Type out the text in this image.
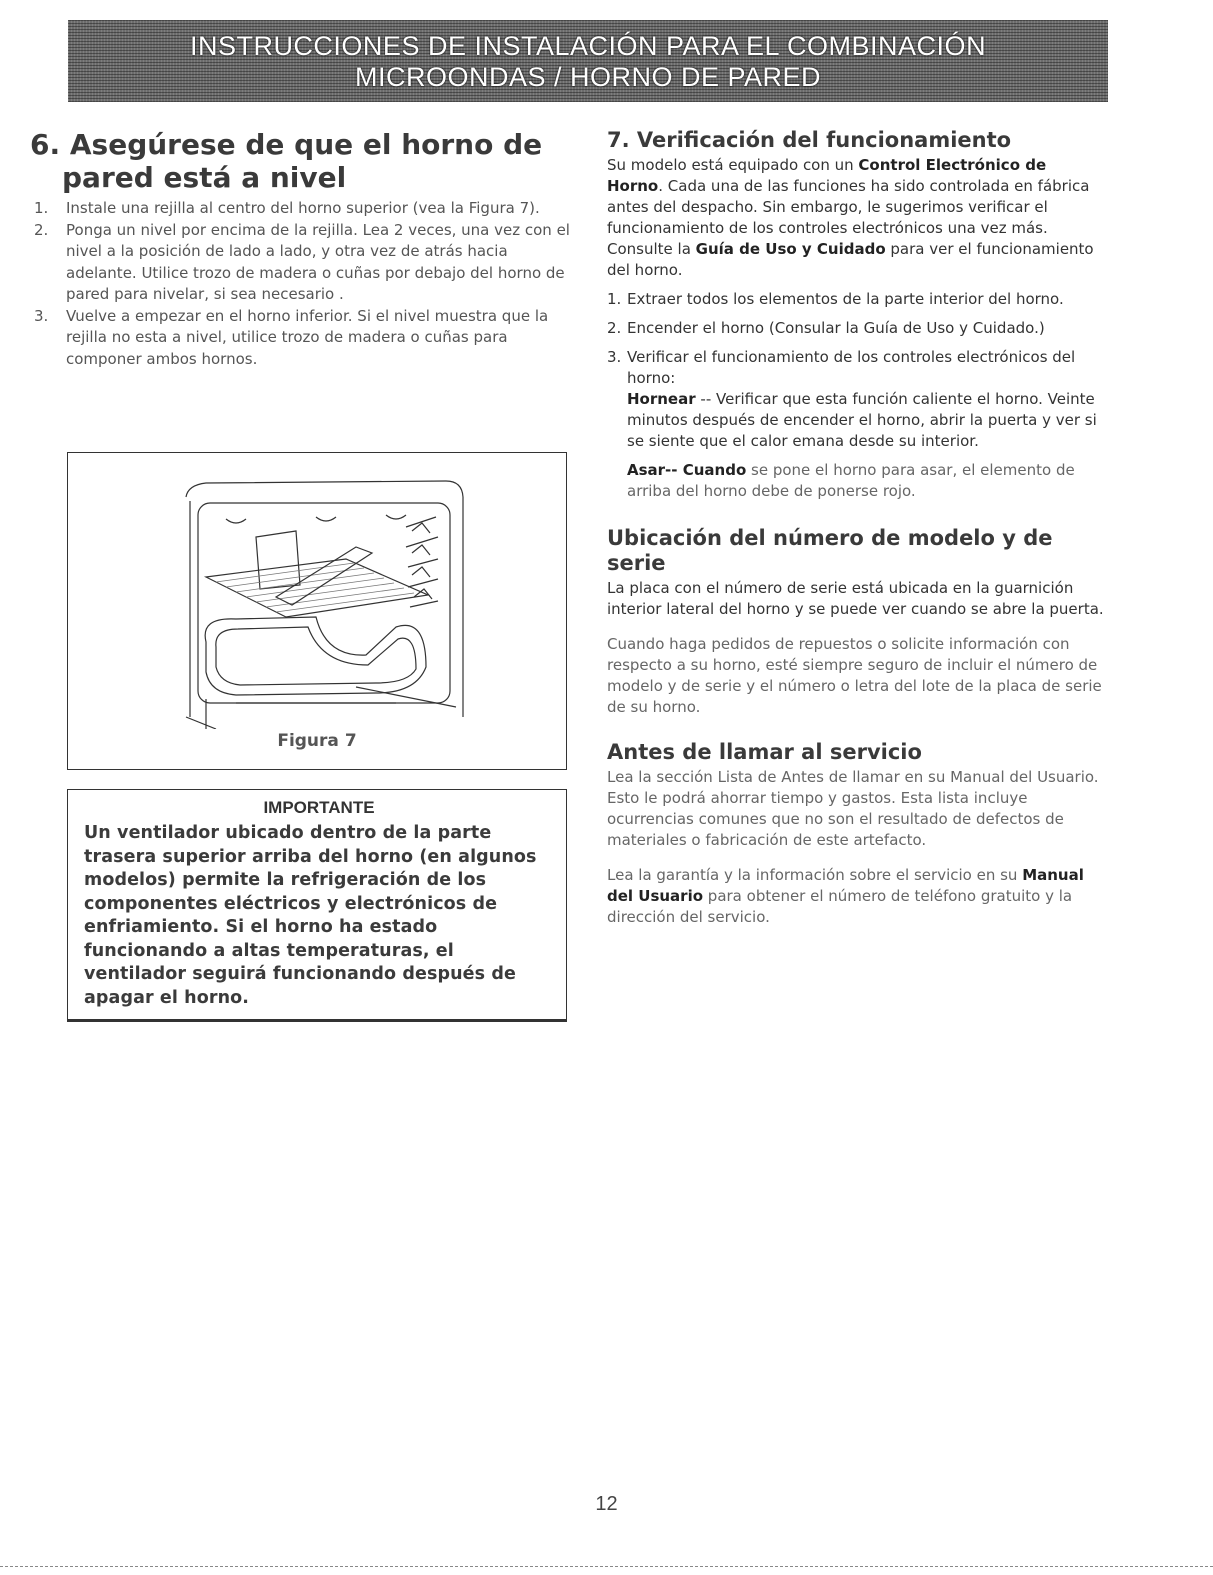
INSTRUCCIONES DE INSTALACIÓN PARA EL COMBINACIÓN
MICROONDAS / HORNO DE PARED
6. Asegúrese de que el horno de
pared está a nivel
1. Instale una rejilla al centro del horno superior (vea la Figura 7).
2. Ponga un nivel por encima de la rejilla. Lea 2 veces, una vez con el nivel a la posición de lado a lado, y otra vez de atrás hacia adelante. Utilice trozo de madera o cuñas por debajo del horno de pared para nivelar, si sea necesario .
3. Vuelve a empezar en el horno inferior. Si el nivel muestra que la rejilla no esta a nivel, utilice trozo de madera o cuñas para componer ambos hornos.
Figura 7
IMPORTANTE
Un ventilador ubicado dentro de la parte trasera superior arriba del horno (en algunos modelos) permite la refrigeración de los componentes eléctricos y electrónicos de enfriamiento. Si el horno ha estado funcionando a altas temperaturas, el ventilador seguirá funcionando después de apagar el horno.
7. Verificación del funcionamiento

Su modelo está equipado con un Control Electrónico de Horno. Cada una de las funciones ha sido controlada en fábrica antes del despacho. Sin embargo, le sugerimos verificar el funcionamiento de los controles electrónicos una vez más. Consulte la Guía de Uso y Cuidado para ver el funcionamiento del horno.

1. Extraer todos los elementos de la parte interior del horno.
2. Encender el horno (Consular la Guía de Uso y Cuidado.)
3. Verificar el funcionamiento de los controles electrónicos del horno:
Hornear -- Verificar que esta función caliente el horno. Veinte minutos después de encender el horno, abrir la puerta y ver si se siente que el calor emana desde su interior.
Asar-- Cuando se pone el horno para asar, el elemento de arriba del horno debe de ponerse rojo.
Ubicación del número de modelo y de serie

La placa con el número de serie está ubicada en la guarnición interior lateral del horno y se puede ver cuando se abre la puerta.

Cuando haga pedidos de repuestos o solicite información con respecto a su horno, esté siempre seguro de incluir el número de modelo y de serie y el número o letra del lote de la placa de serie de su horno.

Antes de llamar al servicio

Lea la sección Lista de Antes de llamar en su Manual del Usuario. Esto le podrá ahorrar tiempo y gastos. Esta lista incluye ocurrencias comunes que no son el resultado de defectos de materiales o fabricación de este artefacto.

Lea la garantía y la información sobre el servicio en su Manual del Usuario para obtener el número de teléfono gratuito y la dirección del servicio.

12
